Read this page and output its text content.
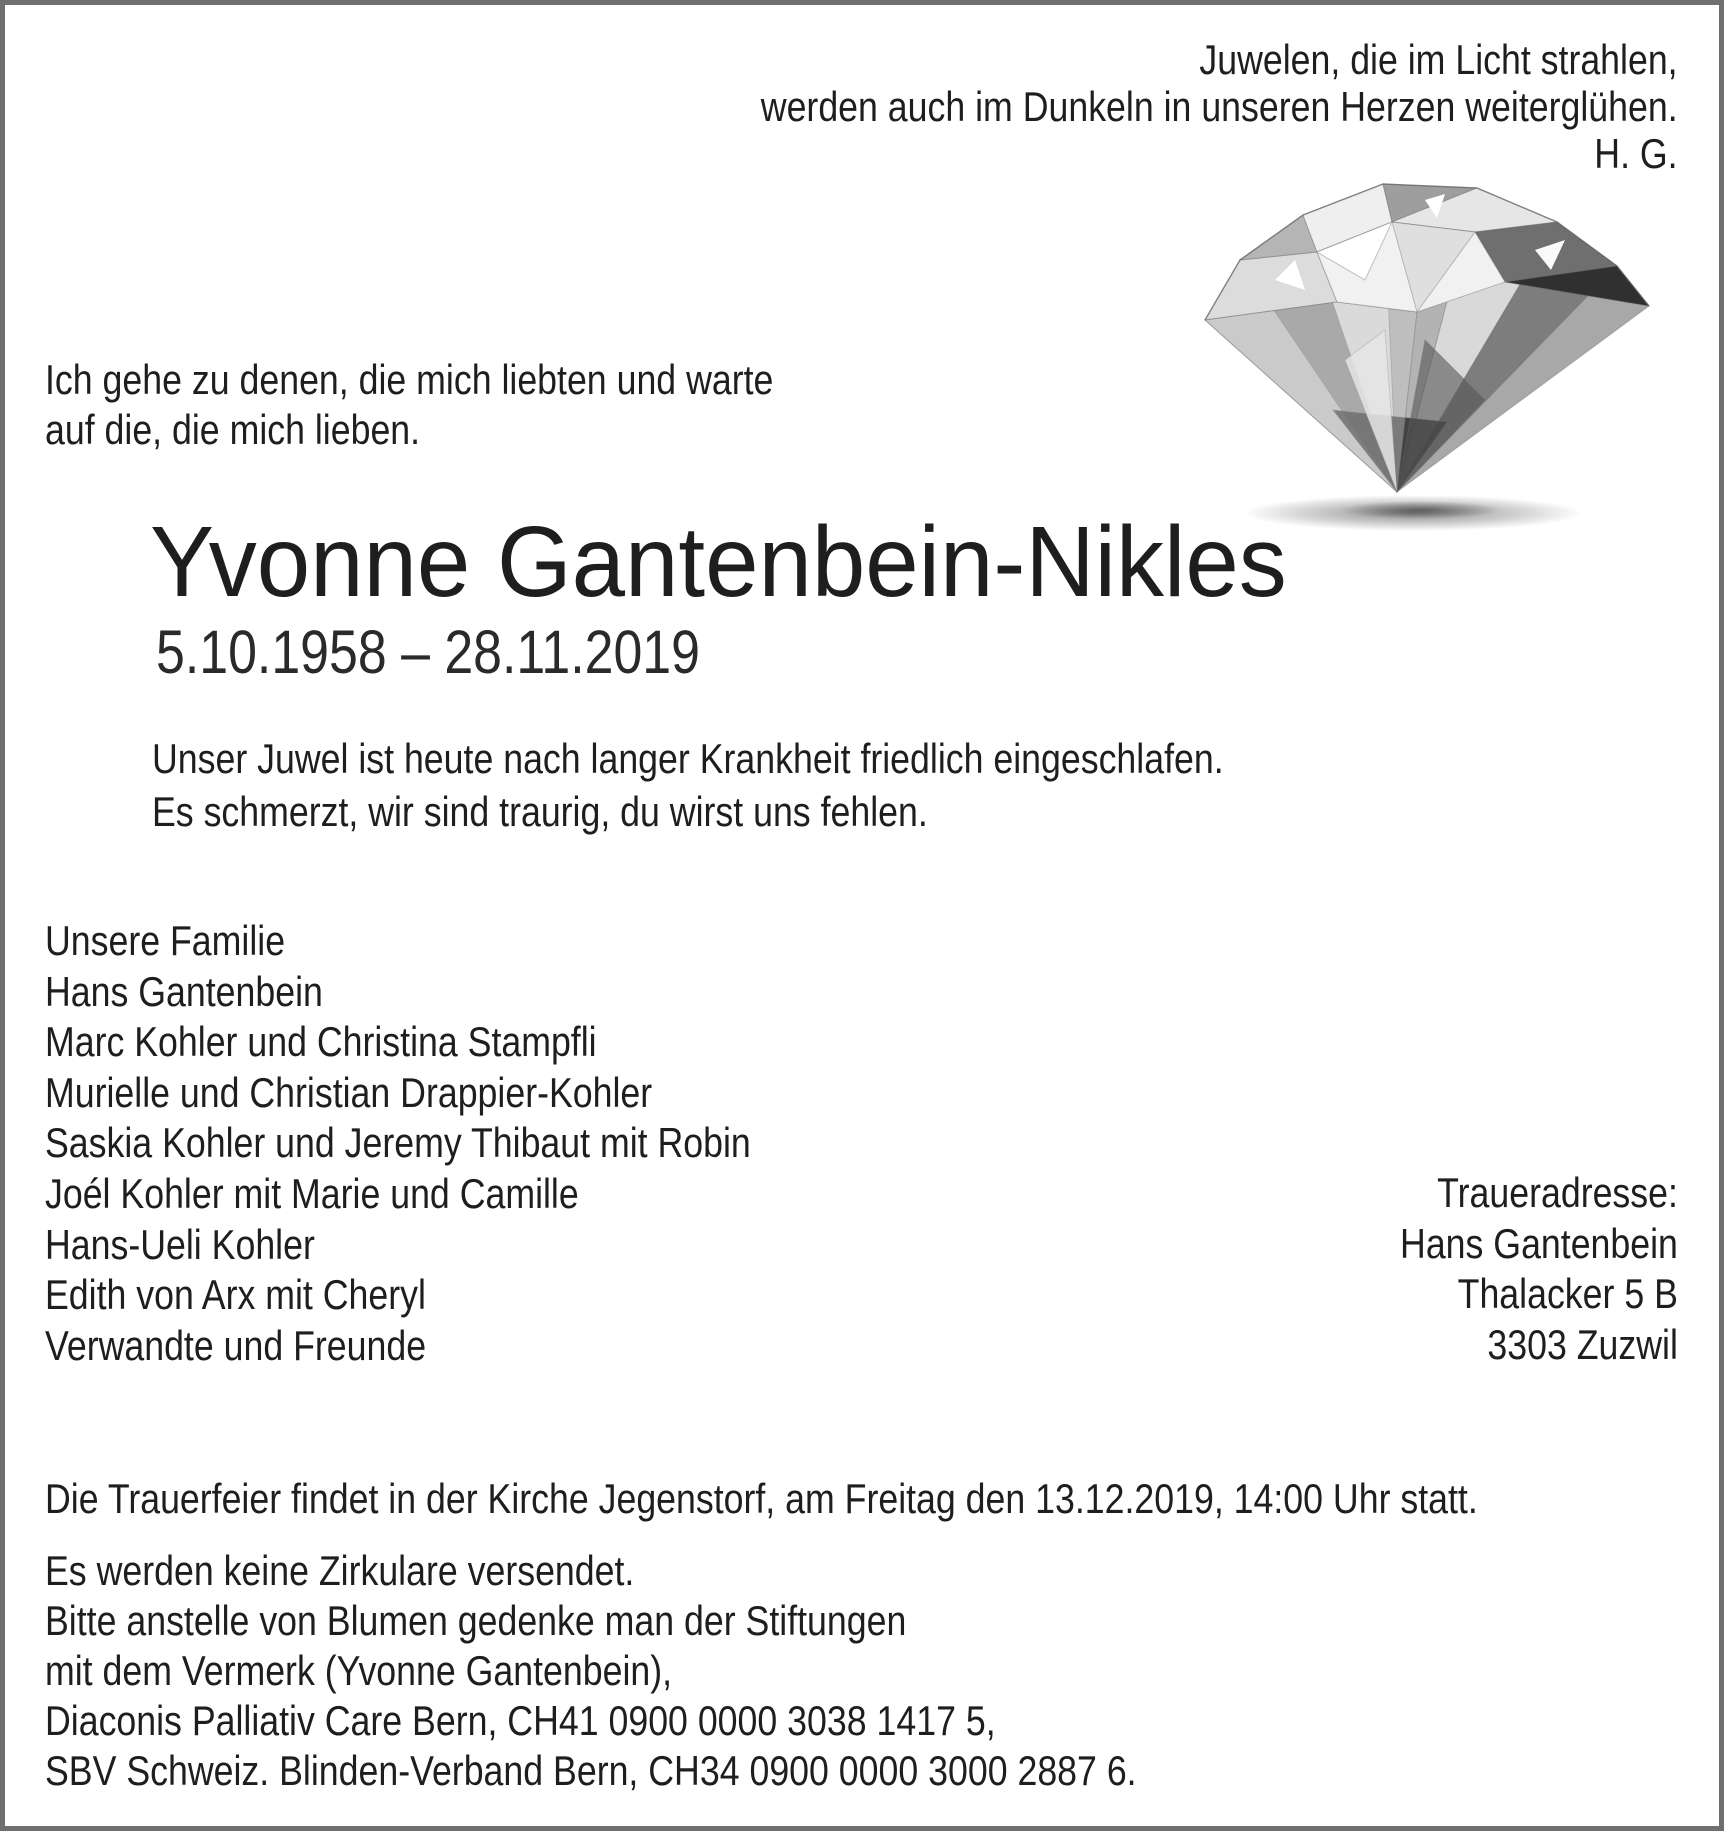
Juwelen, die im Licht strahlen,
werden auch im Dunkeln in unseren Herzen weiterglühen.
H. G.
Ich gehe zu denen, die mich liebten und warte
auf die, die mich lieben.
Yvonne Gantenbein-Nikles
5.10.1958 – 28.11.2019
Unser Juwel ist heute nach langer Krankheit friedlich eingeschlafen.
Es schmerzt, wir sind traurig, du wirst uns fehlen.
Unsere Familie
Hans Gantenbein
Marc Kohler und Christina Stampfli
Murielle und Christian Drappier-Kohler
Saskia Kohler und Jeremy Thibaut mit Robin
Joél Kohler mit Marie und Camille
Hans-Ueli Kohler
Edith von Arx mit Cheryl
Verwandte und Freunde
Traueradresse:
Hans Gantenbein
Thalacker 5 B
3303 Zuzwil
Die Trauerfeier findet in der Kirche Jegenstorf, am Freitag den 13.12.2019, 14:00 Uhr statt.
Es werden keine Zirkulare versendet.
Bitte anstelle von Blumen gedenke man der Stiftungen
mit dem Vermerk (Yvonne Gantenbein),
Diaconis Palliativ Care Bern, CH41 0900 0000 3038 1417 5,
SBV Schweiz. Blinden-Verband Bern, CH34 0900 0000 3000 2887 6.
